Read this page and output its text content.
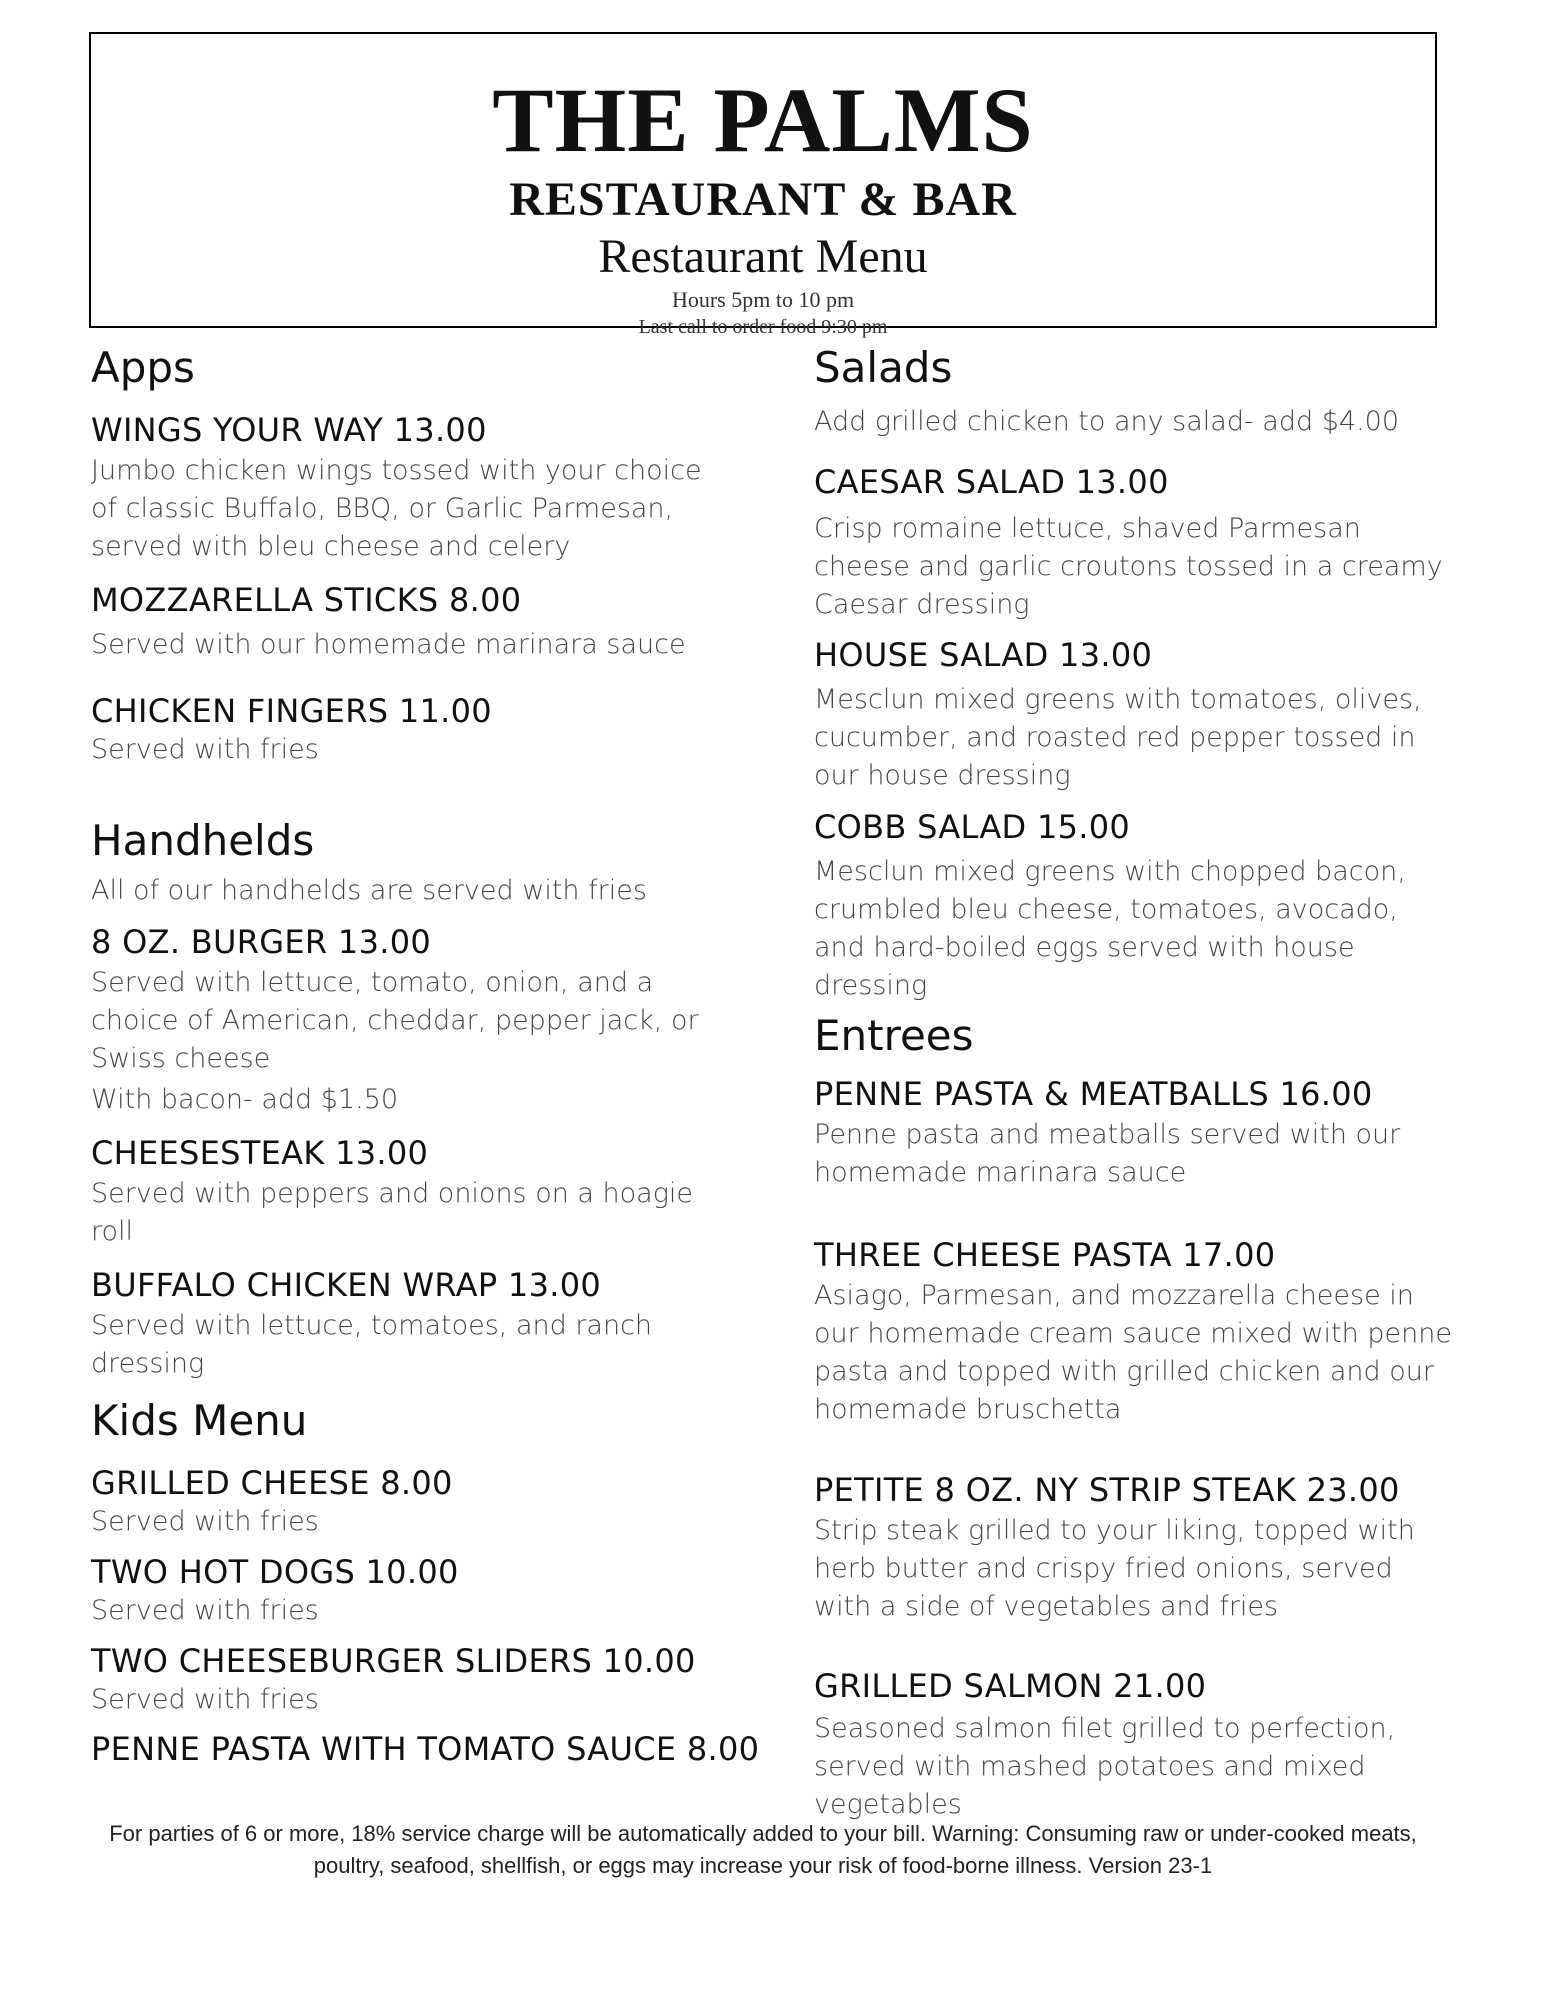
THE PALMS
RESTAURANT & BAR
Restaurant Menu
Hours 5pm to 10 pm
Last call to order food 9:30 pm
Apps
WINGS YOUR WAY 13.00
Jumbo chicken wings tossed with your choice of classic Buffalo, BBQ, or Garlic Parmesan, served with bleu cheese and celery
MOZZARELLA STICKS 8.00
Served with our homemade marinara sauce
CHICKEN FINGERS 11.00
Served with fries
Handhelds
All of our handhelds are served with fries
8 OZ. BURGER 13.00
Served with lettuce, tomato, onion, and a choice of American, cheddar, pepper jack, or Swiss cheese
With bacon- add $1.50
CHEESESTEAK 13.00
Served with peppers and onions on a hoagie roll
BUFFALO CHICKEN WRAP 13.00
Served with lettuce, tomatoes, and ranch dressing
Kids Menu
GRILLED CHEESE 8.00
Served with fries
TWO HOT DOGS 10.00
Served with fries
TWO CHEESEBURGER SLIDERS 10.00
Served with fries
PENNE PASTA WITH TOMATO SAUCE 8.00
Salads
Add grilled chicken to any salad- add $4.00
CAESAR SALAD 13.00
Crisp romaine lettuce, shaved Parmesan cheese and garlic croutons tossed in a creamy Caesar dressing
HOUSE SALAD 13.00
Mesclun mixed greens with tomatoes, olives, cucumber, and roasted red pepper tossed in our house dressing
COBB SALAD 15.00
Mesclun mixed greens with chopped bacon, crumbled bleu cheese, tomatoes, avocado, and hard-boiled eggs served with house dressing
Entrees
PENNE PASTA & MEATBALLS 16.00
Penne pasta and meatballs served with our homemade marinara sauce
THREE CHEESE PASTA 17.00
Asiago, Parmesan, and mozzarella cheese in our homemade cream sauce mixed with penne pasta and topped with grilled chicken and our homemade bruschetta
PETITE 8 OZ. NY STRIP STEAK 23.00
Strip steak grilled to your liking, topped with herb butter and crispy fried onions, served with a side of vegetables and fries
GRILLED SALMON 21.00
Seasoned salmon filet grilled to perfection, served with mashed potatoes and mixed vegetables
For parties of 6 or more, 18% service charge will be automatically added to your bill. Warning: Consuming raw or under-cooked meats, poultry, seafood, shellfish, or eggs may increase your risk of food-borne illness. Version 23-1
